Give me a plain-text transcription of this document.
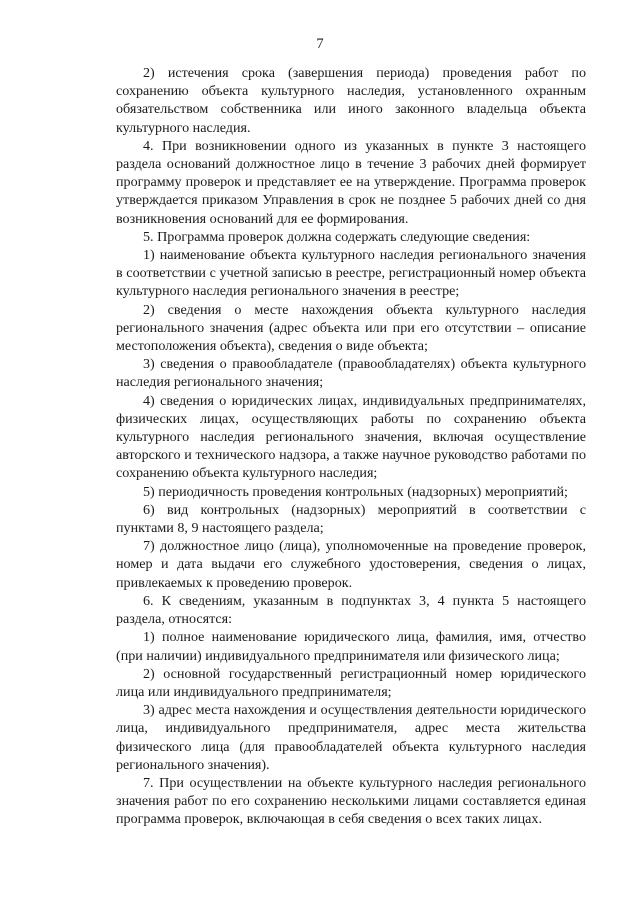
7

2) истечения срока (завершения периода) проведения работ по сохранению объекта культурного наследия, установленного охранным обязательством собственника или иного законного владельца объекта культурного наследия.

4. При возникновении одного из указанных в пункте 3 настоящего раздела оснований должностное лицо в течение 3 рабочих дней формирует программу проверок и представляет ее на утверждение. Программа проверок утверждается приказом Управления в срок не позднее 5 рабочих дней со дня возникновения оснований для ее формирования.

5. Программа проверок должна содержать следующие сведения:

1) наименование объекта культурного наследия регионального значения в соответствии с учетной записью в реестре, регистрационный номер объекта культурного наследия регионального значения в реестре;

2) сведения о месте нахождения объекта культурного наследия регионального значения (адрес объекта или при его отсутствии – описание местоположения объекта), сведения о виде объекта;

3) сведения о правообладателе (правообладателях) объекта культурного наследия регионального значения;

4) сведения о юридических лицах, индивидуальных предпринимателях, физических лицах, осуществляющих работы по сохранению объекта культурного наследия регионального значения, включая осуществление авторского и технического надзора, а также научное руководство работами по сохранению объекта культурного наследия;

5) периодичность проведения контрольных (надзорных) мероприятий;

6) вид контрольных (надзорных) мероприятий в соответствии с пунктами 8, 9 настоящего раздела;

7) должностное лицо (лица), уполномоченные на проведение проверок, номер и дата выдачи его служебного удостоверения, сведения о лицах, привлекаемых к проведению проверок.

6. К сведениям, указанным в подпунктах 3, 4 пункта 5 настоящего раздела, относятся:

1) полное наименование юридического лица, фамилия, имя, отчество (при наличии) индивидуального предпринимателя или физического лица;

2) основной государственный регистрационный номер юридического лица или индивидуального предпринимателя;

3) адрес места нахождения и осуществления деятельности юридического лица, индивидуального предпринимателя, адрес места жительства физического лица (для правообладателей объекта культурного наследия регионального значения).

7. При осуществлении на объекте культурного наследия регионального значения работ по его сохранению несколькими лицами составляется единая программа проверок, включающая в себя сведения о всех таких лицах.
